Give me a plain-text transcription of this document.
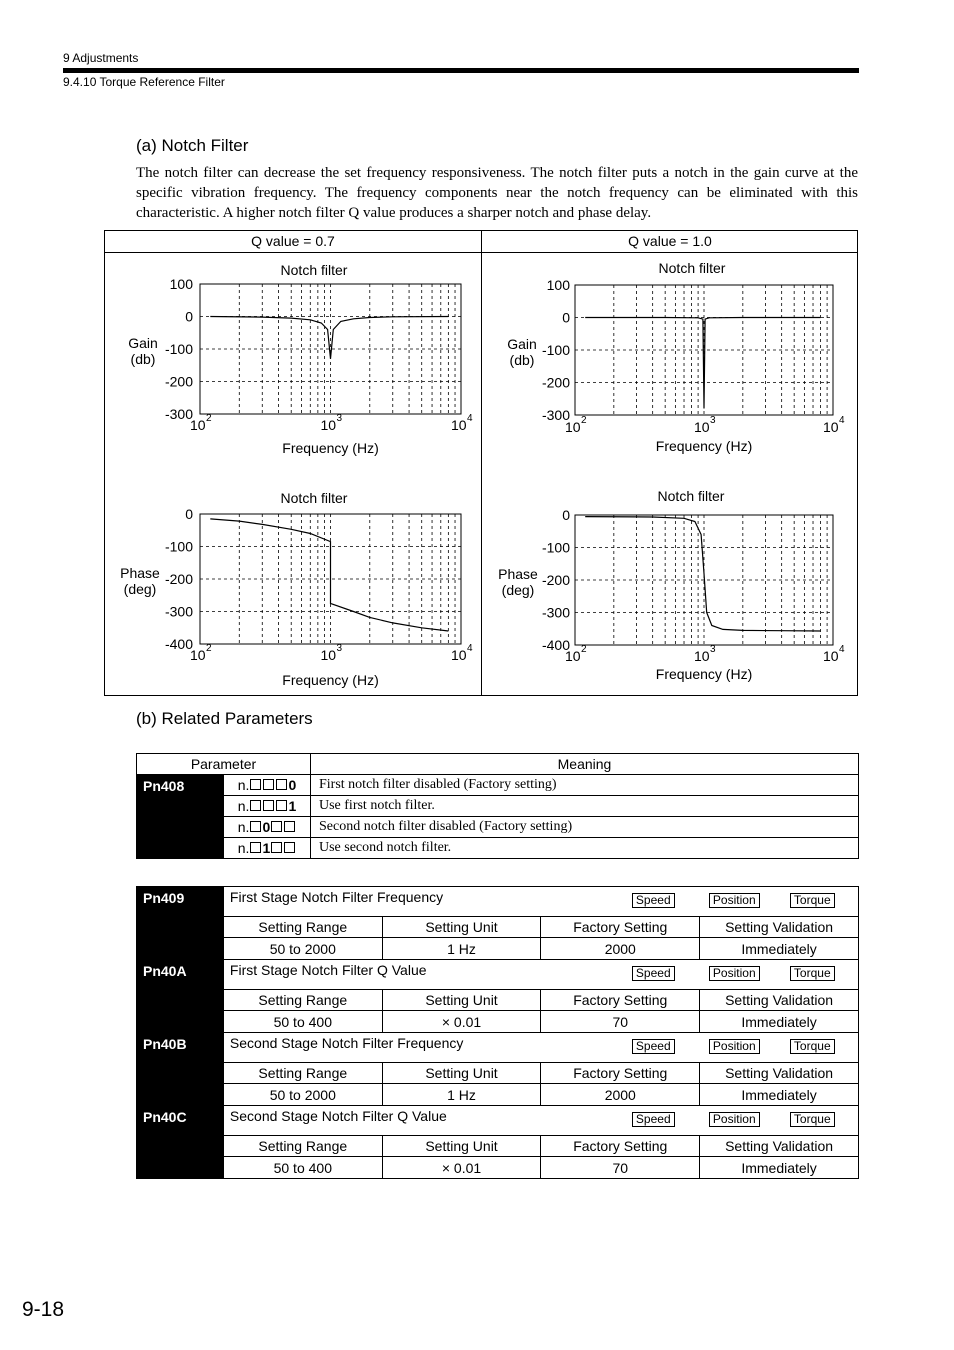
9 Adjustments
9.4.10 Torque Reference Filter
(a) Notch Filter
The notch filter can decrease the set frequency responsiveness. The notch filter puts a notch in the gain curve at the specific vibration frequency. The frequency components near the notch frequency can be eliminated with this characteristic. A higher notch filter Q value produces a sharper notch and phase delay.
Q value = 0.7	Q value = 1.0
100
0
-100
-200
-300
10 2	10 3	10 4
Notch filter
Frequency (Hz)
Gain
(db)
100
0
-100
-200
-300
10 2	10 3	10 4
Notch filter
Frequency (Hz)
Gain
(db)
0
-100
-200
-300
-400
10 2	10 3	10 4
Notch filter
Frequency (Hz)
Phase
(deg)
0
-100
-200
-300
-400
10 2	10 3	10 4
Notch filter
Frequency (Hz)
Phase
(deg)
(b) Related Parameters
Parameter		Meaning
Pn408	n. 0	First notch filter disabled (Factory setting)
	n. 1	Use first notch filter.
	n. 0	Second notch filter disabled (Factory setting)
	n. 1	Use second notch filter.
Pn409	First Stage Notch Filter Frequency Speed Position Torque			

	Setting Range	Setting Unit	Factory Setting	Setting Validation
	50 to 2000	1 Hz	2000	Immediately
Pn40A	First Stage Notch Filter Q Value Speed Position Torque			

	Setting Range	Setting Unit	Factory Setting	Setting Validation
	50 to 400	× 0.01	70	Immediately
Pn40B	Second Stage Notch Filter Frequency Speed Position Torque			

	Setting Range	Setting Unit	Factory Setting	Setting Validation
	50 to 2000	1 Hz	2000	Immediately
Pn40C	Second Stage Notch Filter Q Value Speed Position Torque			

	Setting Range	Setting Unit	Factory Setting	Setting Validation
	50 to 400	× 0.01	70	Immediately
9-18
